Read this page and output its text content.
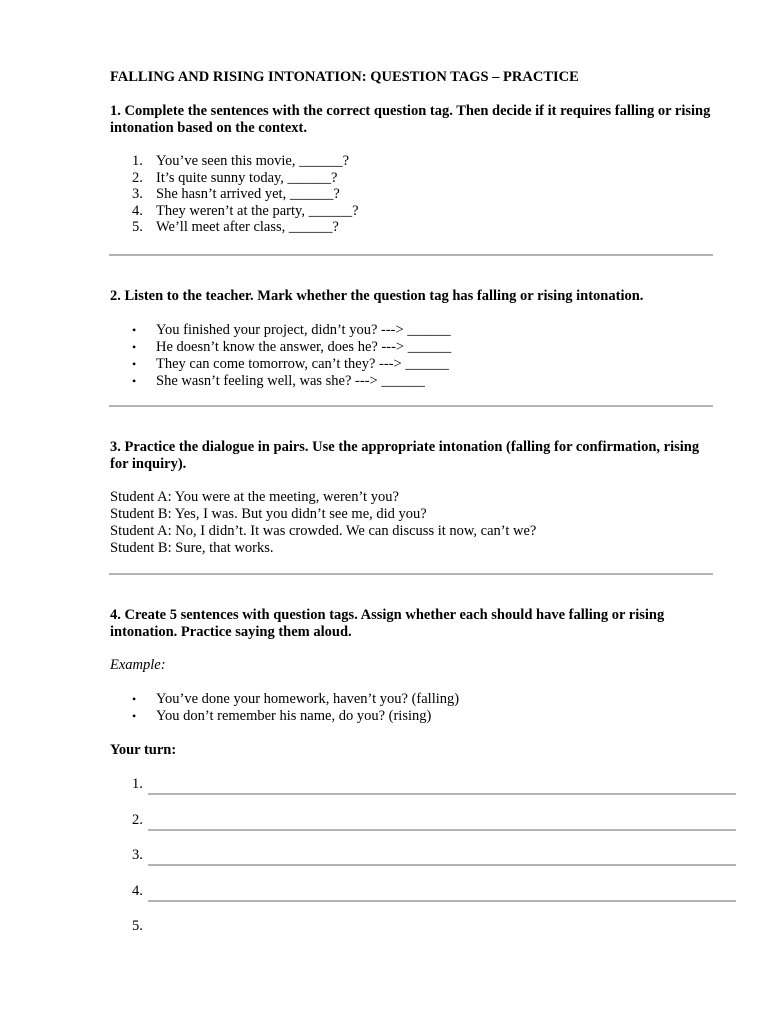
FALLING AND RISING INTONATION: QUESTION TAGS – PRACTICE
1. Complete the sentences with the correct question tag. Then decide if it requires falling or rising intonation based on the context.
1. You’ve seen this movie, ______?
2. It’s quite sunny today, ______?
3. She hasn’t arrived yet, ______?
4. They weren’t at the party, ______?
5. We’ll meet after class, ______?
2. Listen to the teacher. Mark whether the question tag has falling or rising intonation.
• You finished your project, didn’t you? ---> ______
• He doesn’t know the answer, does he? ---> ______
• They can come tomorrow, can’t they? ---> ______
• She wasn’t feeling well, was she? ---> ______
3. Practice the dialogue in pairs. Use the appropriate intonation (falling for confirmation, rising for inquiry).
Student A: You were at the meeting, weren’t you?
Student B: Yes, I was. But you didn’t see me, did you?
Student A: No, I didn’t. It was crowded. We can discuss it now, can’t we?
Student B: Sure, that works.
4. Create 5 sentences with question tags. Assign whether each should have falling or rising intonation. Practice saying them aloud.
Example:
• You’ve done your homework, haven’t you? (falling)
• You don’t remember his name, do you? (rising)
Your turn:
1.
2.
3.
4.
5.
